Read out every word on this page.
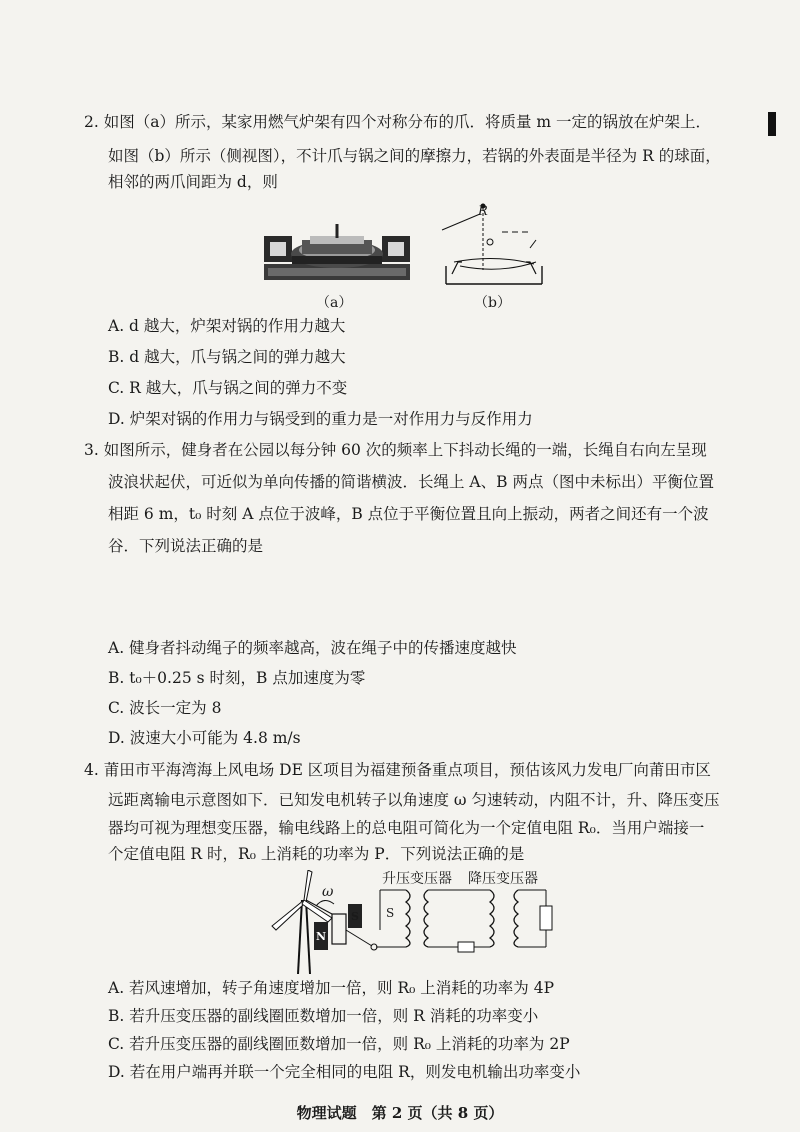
2. 如图（a）所示，某家用燃气炉架有四个对称分布的爪．将质量 m 一定的锅放在炉架上．
如图（b）所示（侧视图），不计爪与锅之间的摩擦力，若锅的外表面是半径为 R 的球面，
相邻的两爪间距为 d，则
（a）
R
（b）
A. d 越大，炉架对锅的作用力越大
B. d 越大，爪与锅之间的弹力越大
C. R 越大，爪与锅之间的弹力不变
D. 炉架对锅的作用力与锅受到的重力是一对作用力与反作用力
3. 如图所示，健身者在公园以每分钟 60 次的频率上下抖动长绳的一端，长绳自右向左呈现
波浪状起伏，可近似为单向传播的简谐横波．长绳上 A、B 两点（图中未标出）平衡位置
相距 6 m，t₀ 时刻 A 点位于波峰，B 点位于平衡位置且向上振动，两者之间还有一个波
谷．下列说法正确的是
A. 健身者抖动绳子的频率越高，波在绳子中的传播速度越快
B. t₀＋0.25 s 时刻，B 点加速度为零
C. 波长一定为 8
D. 波速大小可能为 4.8 m/s
4. 莆田市平海湾海上风电场 DE 区项目为福建预备重点项目，预估该风力发电厂向莆田市区
远距离输电示意图如下．已知发电机转子以角速度 ω 匀速转动，内阻不计，升、降压变压
器均可视为理想变压器，输电线路上的总电阻可简化为一个定值电阻 R₀．当用户端接一
个定值电阻 R 时，R₀ 上消耗的功率为 P．下列说法正确的是
升压变压器 降压变压器
ω
S S
N
A. 若风速增加，转子角速度增加一倍，则 R₀ 上消耗的功率为 4P
B. 若升压变压器的副线圈匝数增加一倍，则 R 消耗的功率变小
C. 若升压变压器的副线圈匝数增加一倍，则 R₀ 上消耗的功率为 2P
D. 若在用户端再并联一个完全相同的电阻 R，则发电机输出功率变小
物理试题　第 2 页（共 8 页）
